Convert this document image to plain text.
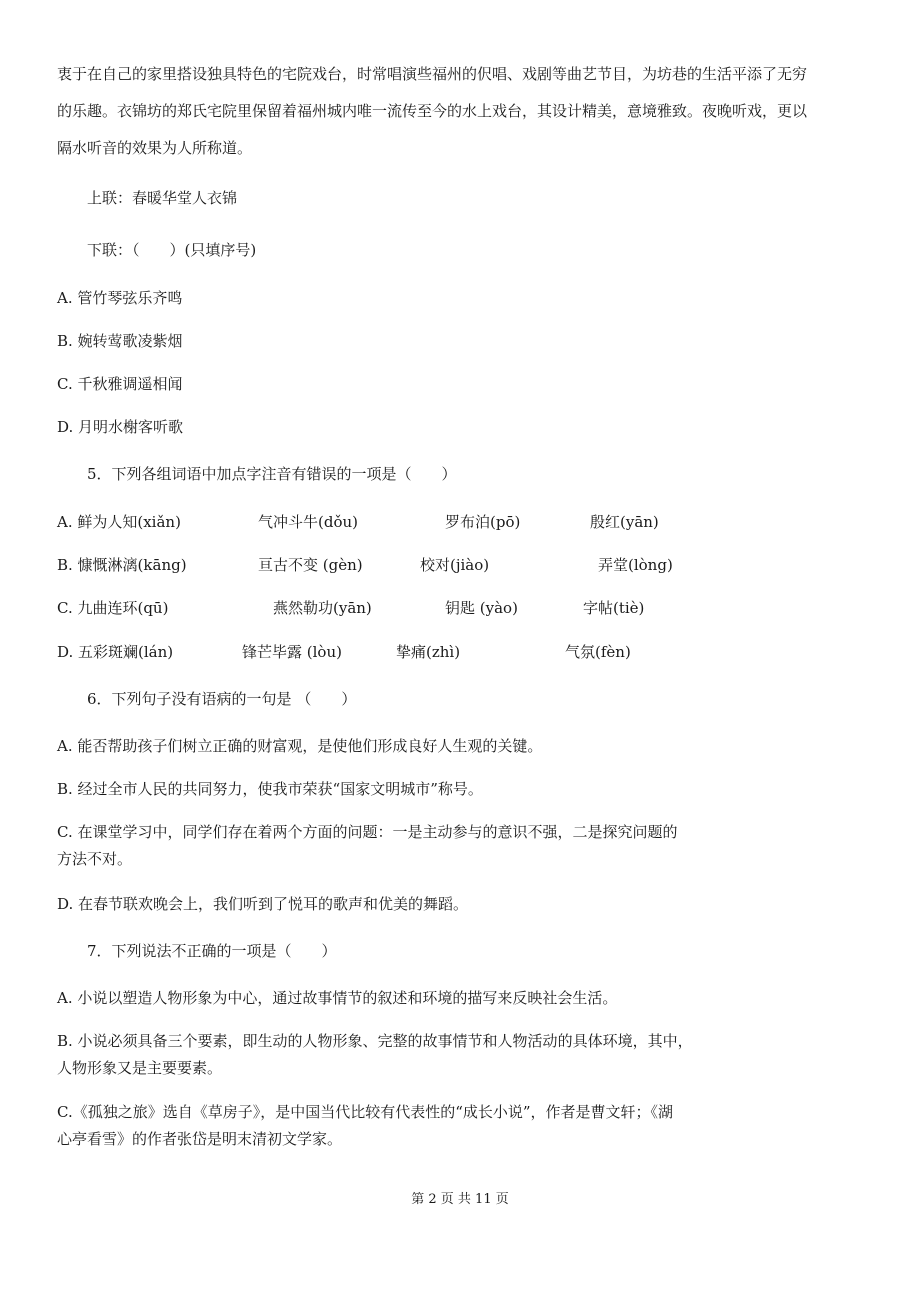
衷于在自己的家里搭设独具特色的宅院戏台，时常唱演些福州的伬唱、戏剧等曲艺节目，为坊巷的生活平添了无穷
的乐趣。衣锦坊的郑氏宅院里保留着福州城内唯一流传至今的水上戏台，其设计精美，意境雅致。夜晚听戏，更以
隔水听音的效果为人所称道。
上联：春暖华堂人衣锦
下联：（　　）(只填序号)
A. 管竹琴弦乐齐鸣
B. 婉转莺歌凌紫烟
C. 千秋雅调遥相闻
D. 月明水榭客听歌
5．下列各组词语中加点字注音有错误的一项是（　　）
A. 鲜为人知(xiǎn)	气冲斗牛(dǒu)	罗布泊(pō)	殷红(yān)
B. 慷慨淋漓(kāng)	亘古不变 (gèn)	校对(jiào)	弄堂(lòng)
C. 九曲连环(qū)	燕然勒功(yān)	钥匙 (yào)	字帖(tiè)
D. 五彩斑斓(lán)	锋芒毕露 (lòu)	挚痛(zhì)	气氛(fèn)
6．下列句子没有语病的一句是 （　　）
A. 能否帮助孩子们树立正确的财富观，是使他们形成良好人生观的关键。
B. 经过全市人民的共同努力，使我市荣获“国家文明城市”称号。
C. 在课堂学习中，同学们存在着两个方面的问题：一是主动参与的意识不强，二是探究问题的
方法不对。
D. 在春节联欢晚会上，我们听到了悦耳的歌声和优美的舞蹈。
7．下列说法不正确的一项是（　　）
A. 小说以塑造人物形象为中心，通过故事情节的叙述和环境的描写来反映社会生活。
B. 小说必须具备三个要素，即生动的人物形象、完整的故事情节和人物活动的具体环境，其中，
人物形象又是主要要素。
C.《孤独之旅》选自《草房子》，是中国当代比较有代表性的“成长小说”，作者是曹文轩；《湖
心亭看雪》的作者张岱是明末清初文学家。
第 2 页 共 11 页
